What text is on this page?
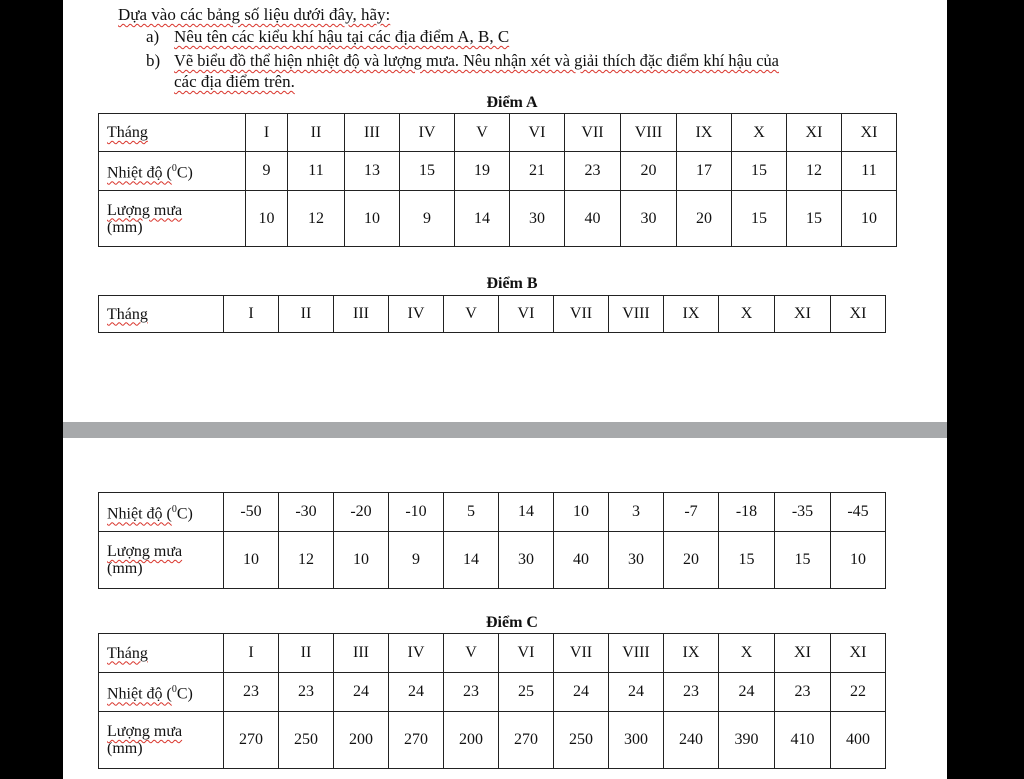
Dựa vào các bảng số liệu dưới đây, hãy:
a) Nêu tên các kiểu khí hậu tại các địa điểm A, B, C
b) Vẽ biểu đồ thể hiện nhiệt độ và lượng mưa. Nêu nhận xét và giải thích đặc điểm khí hậu của
các địa điểm trên.
Điểm A
Tháng	I	II	III	IV	V	VI	VII	VIII	IX	X	XI	XI
Nhiệt độ ($^0$C)	9	11	13	15	19	21	23	20	17	15	12	11
Lượng mưa
(mm)	10	12	10	9	14	30	40	30	20	15	15	10
Điểm B
Tháng	I	II	III	IV	V	VI	VII	VIII	IX	X	XI	XI
Nhiệt độ ($^0$C)	-50	-30	-20	-10	5	14	10	3	-7	-18	-35	-45
Lượng mưa
(mm)	10	12	10	9	14	30	40	30	20	15	15	10
Điểm C
Tháng	I	II	III	IV	V	VI	VII	VIII	IX	X	XI	XI
Nhiệt độ ($^0$C)	23	23	24	24	23	25	24	24	23	24	23	22
Lượng mưa
(mm)	270	250	200	270	200	270	250	300	240	390	410	400
